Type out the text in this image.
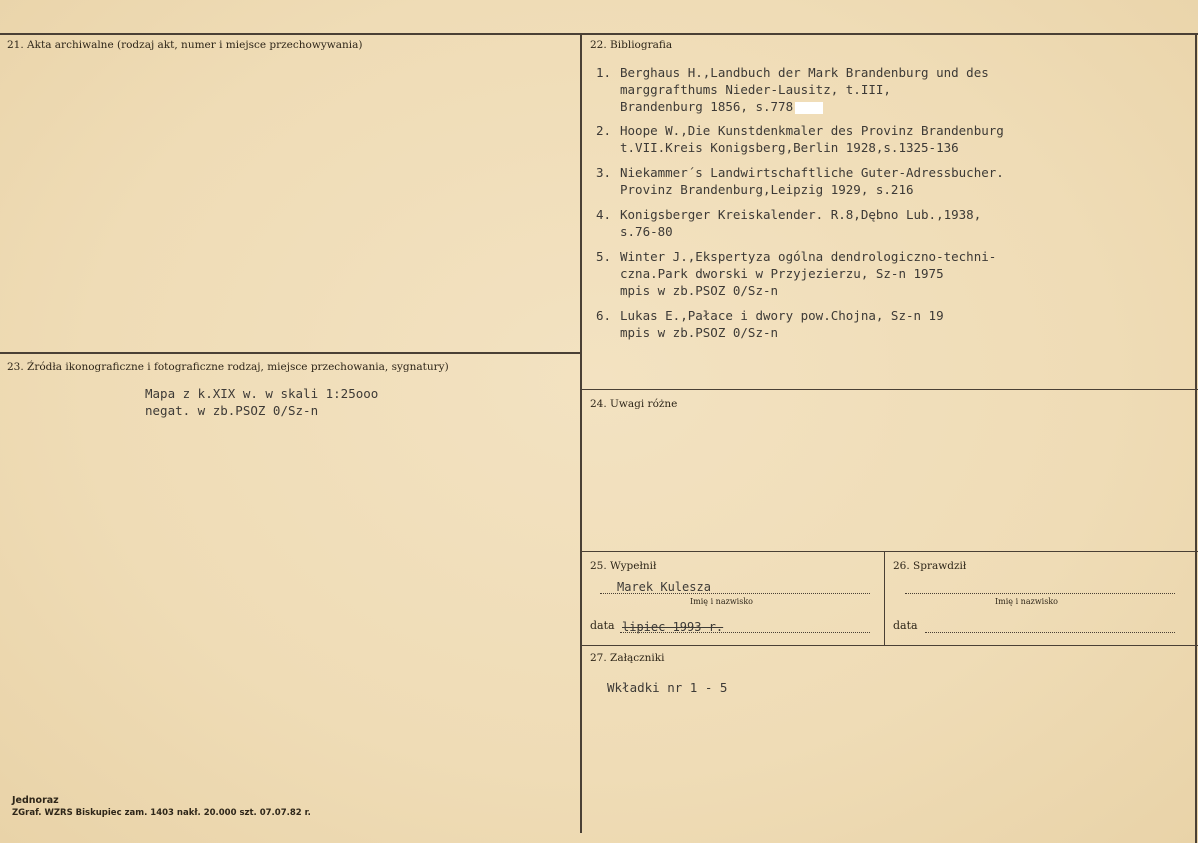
21. Akta archiwalne (rodzaj akt, numer i miejsce przechowywania)	22. Bibliografia
1. Berghaus H.,Landbuch der Mark Brandenburg und des
marggrafthums Nieder-Lausitz, t.III,
Brandenburg 1856, s.778
2. Hoope W.,Die Kunstdenkmaler des Provinz Brandenburg
t.VII.Kreis Konigsberg,Berlin 1928,s.1325-136
3. Niekammer´s Landwirtschaftliche Guter-Adressbucher.
Provinz Brandenburg,Leipzig 1929, s.216
4. Konigsberger Kreiskalender. R.8,Dębno Lub.,1938,
s.76-80
5. Winter J.,Ekspertyza ogólna dendrologiczno-techni-
czna.Park dworski w Przyjezierzu, Sz-n 1975
mpis w zb.PSOZ 0/Sz-n
6. Lukas E.,Pałace i dwory pow.Chojna, Sz-n 19
mpis w zb.PSOZ 0/Sz-n
23. Źródła ikonograficzne i fotograficzne rodzaj, miejsce przechowania, sygnatury)
Mapa z k.XIX w. w skali 1:25ooo
negat. w zb.PSOZ 0/Sz-n	24. Uwagi różne
25. Wypełnił
Marek Kulesza
Imię i nazwisko
data lipiec 1993 r.
26. Sprawdził
Imię i nazwisko
data
27. Załączniki
Wkładki nr 1 - 5
Jednoraz
ZGraf. WZRS Biskupiec zam. 1403 nakł. 20.000 szt. 07.07.82 r.
